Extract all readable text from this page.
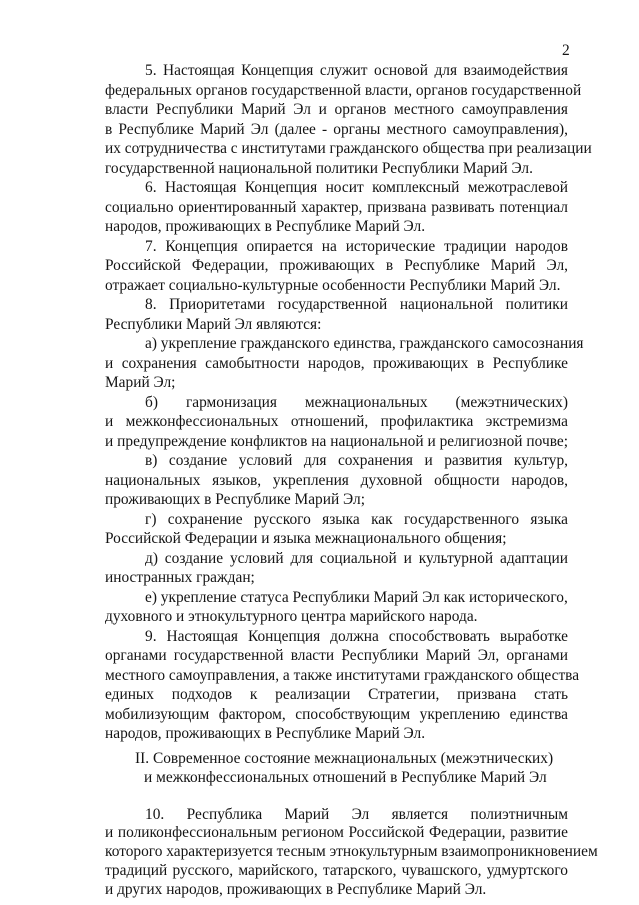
2

5. Настоящая Концепция служит основой для взаимодействия

федеральных органов государственной власти, органов государственной

власти Республики Марий Эл и органов местного самоуправления

в Республике Марий Эл (далее - органы местного самоуправления),

их сотрудничества с институтами гражданского общества при реализации

государственной национальной политики Республики Марий Эл.

6. Настоящая Концепция носит комплексный межотраслевой

социально ориентированный характер, призвана развивать потенциал

народов, проживающих в Республике Марий Эл.

7. Концепция опирается на исторические традиции народов

Российской Федерации, проживающих в Республике Марий Эл,

отражает социально-культурные особенности Республики Марий Эл.

8. Приоритетами государственной национальной политики

Республики Марий Эл являются:

а) укрепление гражданского единства, гражданского самосознания

и сохранения самобытности народов, проживающих в Республике

Марий Эл;

б) гармонизация межнациональных (межэтнических)

и межконфессиональных отношений, профилактика экстремизма

и предупреждение конфликтов на национальной и религиозной почве;

в) создание условий для сохранения и развития культур,

национальных языков, укрепления духовной общности народов,

проживающих в Республике Марий Эл;

г) сохранение русского языка как государственного языка

Российской Федерации и языка межнационального общения;

д) создание условий для социальной и культурной адаптации

иностранных граждан;

е) укрепление статуса Республики Марий Эл как исторического,

духовного и этнокультурного центра марийского народа.

9. Настоящая Концепция должна способствовать выработке

органами государственной власти Республики Марий Эл, органами

местного самоуправления, а также институтами гражданского общества

единых подходов к реализации Стратегии, призвана стать

мобилизующим фактором, способствующим укреплению единства

народов, проживающих в Республике Марий Эл.

II. Современное состояние межнациональных (межэтнических)

и межконфессиональных отношений в Республике Марий Эл

10. Республика Марий Эл является полиэтничным

и поликонфессиональным регионом Российской Федерации, развитие

которого характеризуется тесным этнокультурным взаимопроникновением

традиций русского, марийского, татарского, чувашского, удмуртского

и других народов, проживающих в Республике Марий Эл.
